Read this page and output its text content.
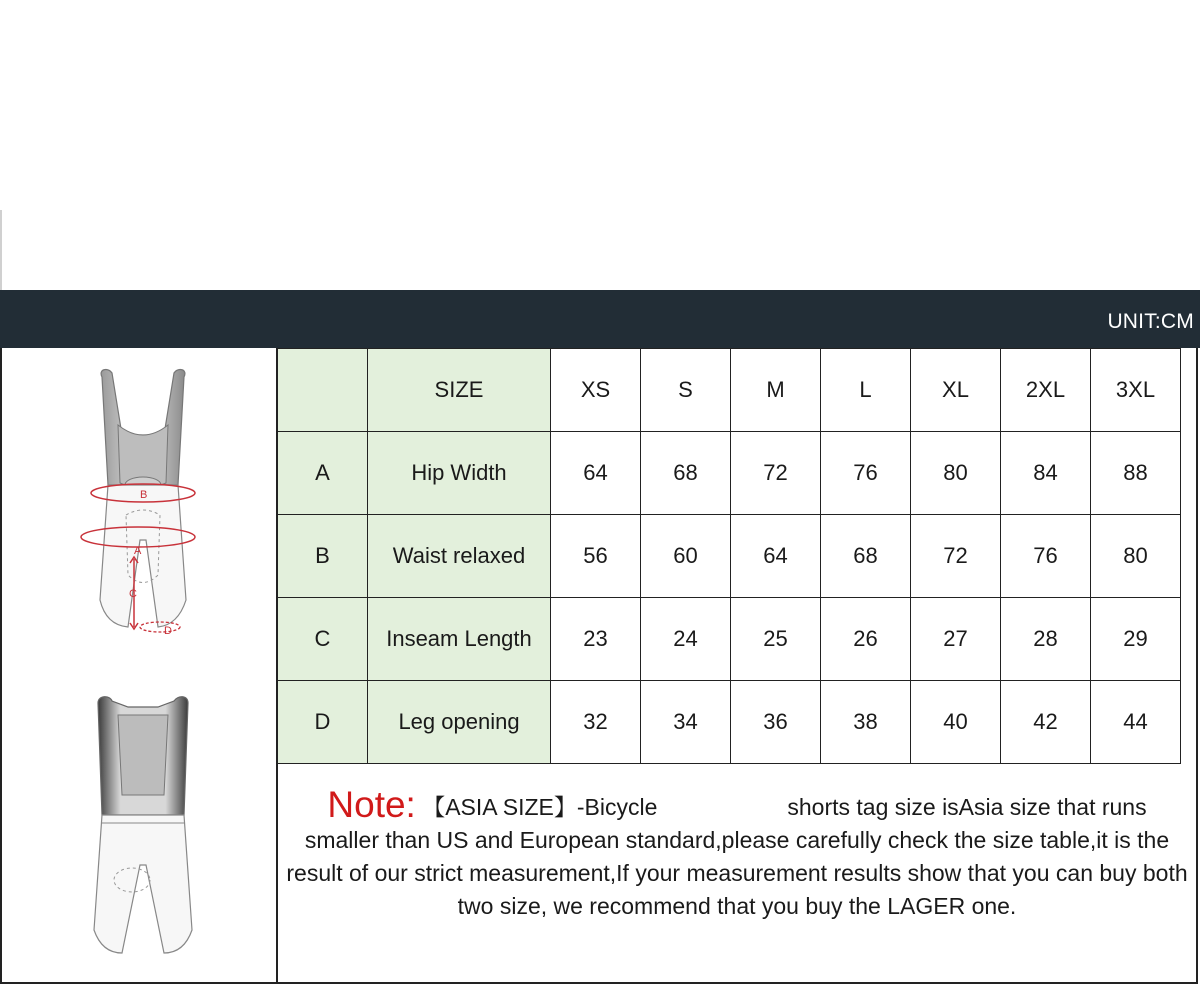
UNIT:CM
B
A
C
D
	SIZE	XS	S	M	L	XL	2XL	3XL
A	Hip Width	64	68	72	76	80	84	88
B	Waist relaxed	56	60	64	68	72	76	80
C	Inseam Length	23	24	25	26	27	28	29
D	Leg opening	32	34	36	38	40	42	44
Note: 【ASIA SIZE】-Bicycle	shorts tag size isAsia size that runs
smaller than US and European standard,please carefully check the size table,it is the result of our strict measurement,If your measurement results show that you can buy both two size, we recommend that you buy the LAGER one.
